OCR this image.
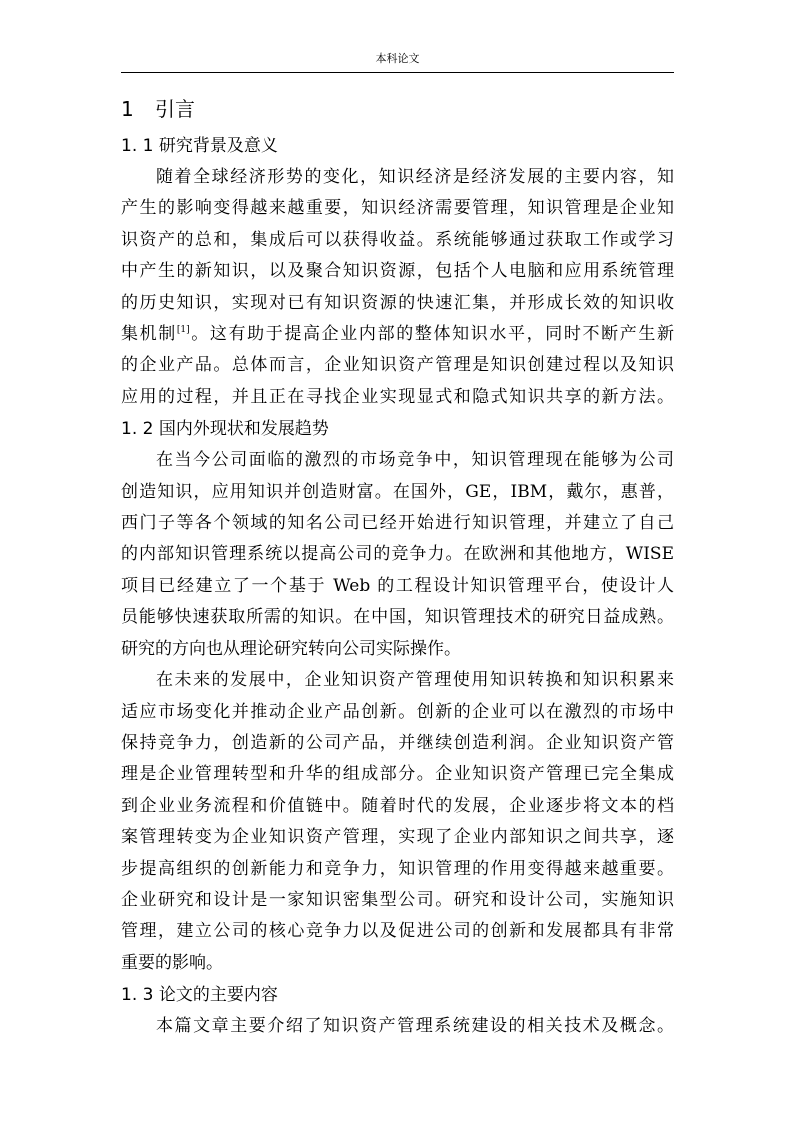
本科论文
1 引言
1. 1 研究背景及意义
随着全球经济形势的变化，知识经济是经济发展的主要内容，知
产生的影响变得越来越重要，知识经济需要管理，知识管理是企业知
识资产的总和，集成后可以获得收益。系统能够通过获取工作或学习
中产生的新知识，以及聚合知识资源，包括个人电脑和应用系统管理
的历史知识，实现对已有知识资源的快速汇集，并形成长效的知识收
集机制[1]。这有助于提高企业内部的整体知识水平，同时不断产生新
的企业产品。总体而言，企业知识资产管理是知识创建过程以及知识
应用的过程，并且正在寻找企业实现显式和隐式知识共享的新方法。
1. 2 国内外现状和发展趋势
在当今公司面临的激烈的市场竞争中，知识管理现在能够为公司
创造知识，应用知识并创造财富。在国外，GE，IBM，戴尔，惠普，
西门子等各个领域的知名公司已经开始进行知识管理，并建立了自己
的内部知识管理系统以提高公司的竞争力。在欧洲和其他地方，WISE
项目已经建立了一个基于 Web 的工程设计知识管理平台，使设计人
员能够快速获取所需的知识。在中国，知识管理技术的研究日益成熟。
研究的方向也从理论研究转向公司实际操作。
在未来的发展中，企业知识资产管理使用知识转换和知识积累来
适应市场变化并推动企业产品创新。创新的企业可以在激烈的市场中
保持竞争力，创造新的公司产品，并继续创造利润。企业知识资产管
理是企业管理转型和升华的组成部分。企业知识资产管理已完全集成
到企业业务流程和价值链中。随着时代的发展，企业逐步将文本的档
案管理转变为企业知识资产管理，实现了企业内部知识之间共享，逐
步提高组织的创新能力和竞争力，知识管理的作用变得越来越重要。
企业研究和设计是一家知识密集型公司。研究和设计公司，实施知识
管理，建立公司的核心竞争力以及促进公司的创新和发展都具有非常
重要的影响。
1. 3 论文的主要内容
本篇文章主要介绍了知识资产管理系统建设的相关技术及概念。
